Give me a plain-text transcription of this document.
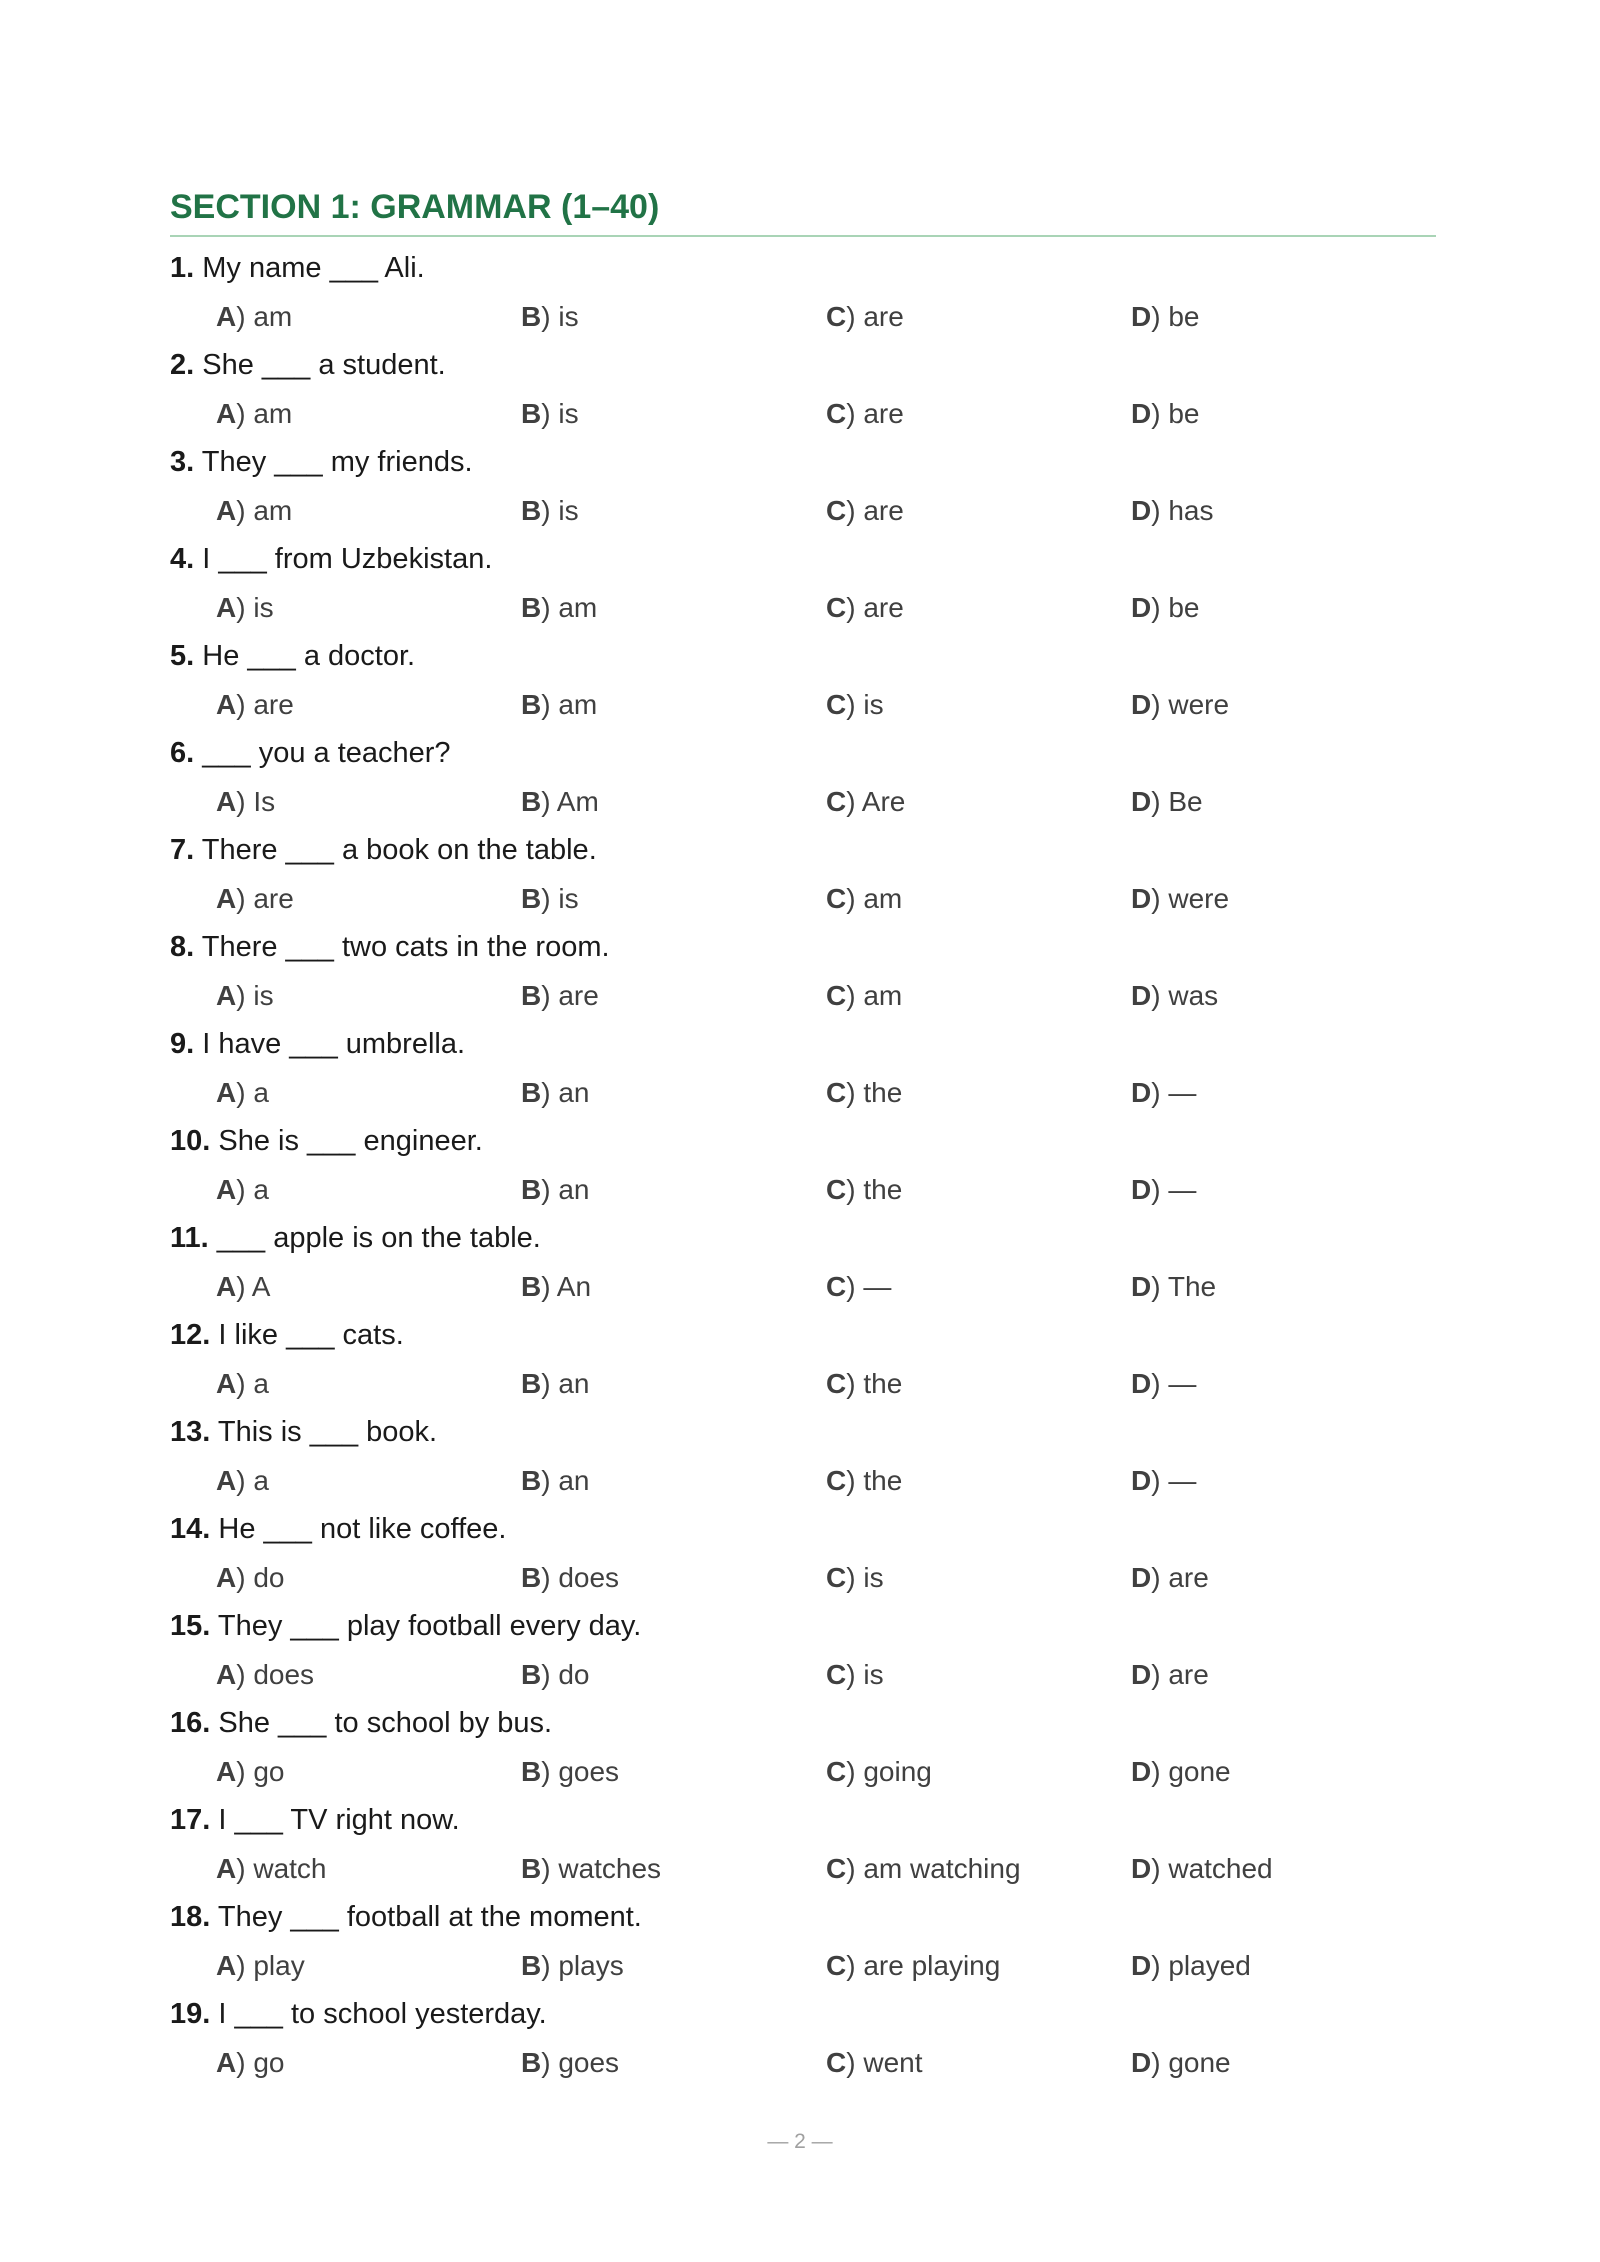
SECTION 1: GRAMMAR (1–40)
1. My name ___ Ali.
A) am	B) is	C) are	D) be
2. She ___ a student.
A) am	B) is	C) are	D) be
3. They ___ my friends.
A) am	B) is	C) are	D) has
4. I ___ from Uzbekistan.
A) is	B) am	C) are	D) be
5. He ___ a doctor.
A) are	B) am	C) is	D) were
6. ___ you a teacher?
A) Is	B) Am	C) Are	D) Be
7. There ___ a book on the table.
A) are	B) is	C) am	D) were
8. There ___ two cats in the room.
A) is	B) are	C) am	D) was
9. I have ___ umbrella.
A) a	B) an	C) the	D) —
10. She is ___ engineer.
A) a	B) an	C) the	D) —
11. ___ apple is on the table.
A) A	B) An	C) —	D) The
12. I like ___ cats.
A) a	B) an	C) the	D) —
13. This is ___ book.
A) a	B) an	C) the	D) —
14. He ___ not like coffee.
A) do	B) does	C) is	D) are
15. They ___ play football every day.
A) does	B) do	C) is	D) are
16. She ___ to school by bus.
A) go	B) goes	C) going	D) gone
17. I ___ TV right now.
A) watch	B) watches	C) am watching	D) watched
18. They ___ football at the moment.
A) play	B) plays	C) are playing	D) played
19. I ___ to school yesterday.
A) go	B) goes	C) went	D) gone
— 2 —
